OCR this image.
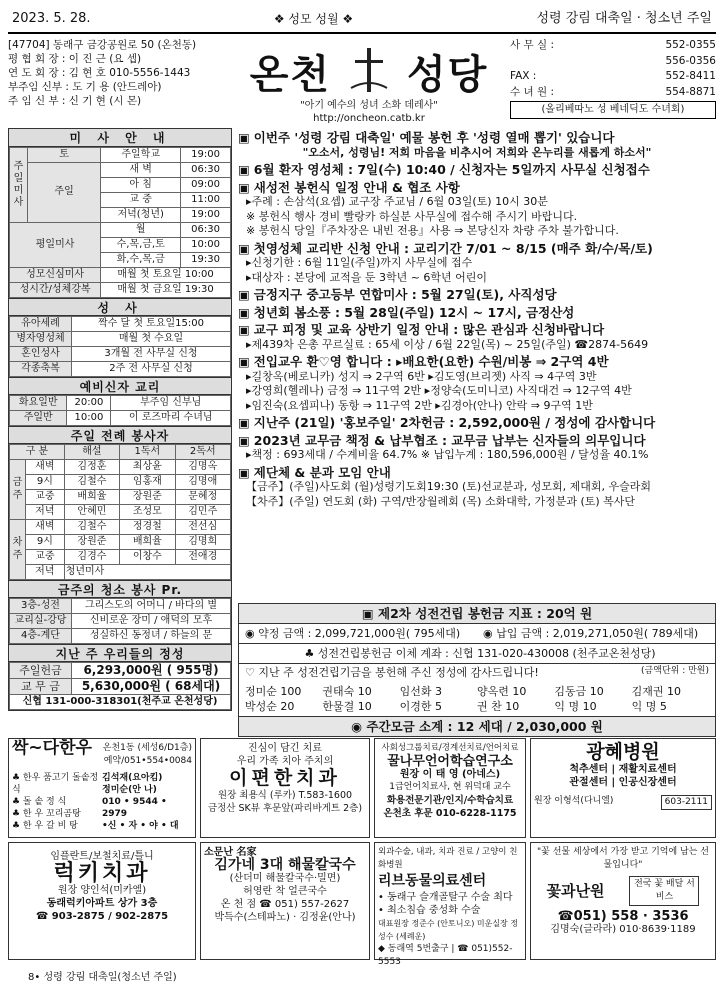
2023. 5. 28.	❖ 성모 성월 ❖	성령 강림 대축일 · 청소년 주일
[47704] 동래구 금강공원로 50 (온천동)
평 협 회 장 : 이 진 근 (요 셉)
연 도 회 장 : 김 현 호 010-5556-1443
부주임 신부 : 도 기 용 (안드레아)
주 임 신 부 : 신 기 현 (시 몬)
온천 성당
"아기 예수의 성녀 소화 데레사"
http://oncheon.catb.kr
사 무 실 :	552-0355
556-0356
FAX :	552-8411
수 녀 원 :	554-8871
(올리베따노 성 베네딕도 수녀회)
미 사 안 내
주일미사	토	주일학교	19:00
	주일	새 벽	06:30
		아 침	09:00
		교 중	11:00
		저녁(청년)	19:00
평일미사		월	06:30
		수,목,금,토	10:00
		화,수,목,금	19:30
성모신심미사		매월 첫 토요일 10:00	
성시간/성체강복		매월 첫 금요일 19:30	
성 사
유아세례	짝수 달 첫 토요일15:00
병자영성체	매월 첫 수요일
혼인성사	3개월 전 사무실 신청
각종축복	2주 전 사무실 신청
예비신자 교리
화요일반	20:00	부주임 신부님
주일반	10:00	이 로즈마리 수녀님
주일 전례 봉사자
구 분		해설	1독서	2독서
금주	새벽	김정훈	최상윤	김명옥
	9시	김철수	임홍재	김명애
	교중	배희율	장원준	문혜정
	저녁	안혜민	조성모	김민주
차주	새벽	김철수	정경철	전선심
	9시	장원준	배희율	김명희
	교중	김경수	이창수	전애경
	저녁	청년미사		
금주의 청소 봉사 Pr.
3층-성전	그리스도의 어머니 / 바다의 별
교리실-강당	신비로운 장미 / 애덕의 모후
4층-계단	성실하신 동정녀 / 하늘의 문
지난 주 우리들의 정성
주일헌금	6,293,000원 ( 955명)
교 무 금	5,630,000원 ( 68세대)
신협 131-000-318301(천주교 온천성당)	
▣ 이번주 '성령 강림 대축일' 예물 봉헌 후 '성령 열매 뽑기' 있습니다
"오소서, 성령님! 저희 마음을 비추시어 저희와 온누리를 새롭게 하소서"
▣ 6월 환자 영성체 : 7일(수) 10:40 / 신청자는 5일까지 사무실 신청접수
▣ 새성전 봉헌식 일정 안내 & 협조 사항
▸주례 : 손삼석(요셉) 교구장 주교님 / 6월 03일(토) 10시 30분
※ 봉헌식 행사 경비 빨랑카 하실분 사무실에 접수해 주시기 바랍니다.
※ 봉헌식 당일『주차장은 내빈 전용』사용 ⇒ 본당신자 차량 주차 불가합니다.
▣ 첫영성체 교리반 신청 안내 : 교리기간 7/01 ~ 8/15 (매주 화/수/목/토)
▸신청기한 : 6월 11일(주일)까지 사무실에 접수
▸대상자 : 본당에 교적을 둔 3학년 ~ 6학년 어린이
▣ 금정지구 중고등부 연합미사 : 5월 27일(토), 사직성당
▣ 청년회 봄소풍 : 5월 28일(주일) 12시 ~ 17시, 금정산성
▣ 교구 피정 및 교육 상반기 일정 안내 : 많은 관심과 신청바랍니다
▸제439차 은총 꾸르실료 : 65세 이상 / 6월 22일(목) ~ 25일(주일) ☎2874-5649
▣ 전입교우 환♡영 합니다 : ▸배요한(요한) 수원/비봉 ⇒ 2구역 4반
▸길창옥(베로니카) 성지 ⇒ 2구역 6반 ▸김도영(브리젯) 사직 ⇒ 4구역 3반
▸강영희(헬레나) 금정 ⇒ 11구역 2반 ▸정양숙(도미니코) 사직대건 ⇒ 12구역 4반
▸임진숙(요셉피나) 동항 ⇒ 11구역 2반 ▸김경아(안나) 안락 ⇒ 9구역 1반
▣ 지난주 (21일) '홍보주일' 2차헌금 : 2,592,000원 / 정성에 감사합니다
▣ 2023년 교무금 책정 & 납부협조 : 교무금 납부는 신자들의 의무입니다
▸책정 : 693세대 / 수계비율 64.7% ※ 납입누계 : 180,596,000원 / 달성율 40.1%
▣ 제단체 & 분과 모임 안내
【금주】(주일)사도회 (월)성령기도회19:30 (토)선교분과, 성모회, 제대회, 우슬라회
【차주】(주일) 연도회 (화) 구역/반장월례회 (목) 소화대학, 가정분과 (토) 복사단
▣ 제2차 성전건립 봉헌금 지표 : 20억 원
◉ 약정 금액 : 2,099,721,000원( 795세대)	◉ 납입 금액 : 2,019,271,050원( 789세대)
♣ 성전건립봉헌금 이체 계좌 : 신협 131-020-430008 (천주교온천성당)
♡ 지난 주 성전건립기금을 봉헌해 주신 정성에 감사드립니다!	(금액단위 : 만원)
정미순 100	권태숙 10	임선화 3	양옥련 10	김동금 10	김재권 10
박성순 20	한물결 10	이경한 5	권 찬 10	익 명 10	익 명 5
◉ 주간모금 소계 : 12 세대 / 2,030,000 원
싹~다한우 온천1동 (세성6/D1층)
예약/051•554•0084
♣ 한우 품고기 돌솥정식
♣ 돌 솥 정 식
♣ 한 우 꼬리곰탕
♣ 한 우 갈 비 탕
김석재(요아킴)
정미순(안 나)
010 • 9544 • 2979
•신 • 자 • 야 • 대
진심이 담긴 치료
우리 가족 치아 주치의
이편한치과
원장 최용식 (루카) T.583-1600
금정산 SK뷰 후문앞(파리바게트 2층)
사회성그룹치료/경계선치료/언어치료
꿀나무언어학습연구소
원장 이 태 영 (아네스)
1급언어치료사, 현 위덕대 교수
화용전문기관/인지/수학습치료
온천초 후문 010-6228-1175
광혜병원
척추센터 | 재활치료센터
관절센터 | 인공신장센터
원장 이형석(다니엘)	603-2111
임플란트/보철치료/틀니
럭키치과
원장 양인석(미카엘)
동래럭키아파트 상가 3층
☎ 903-2875 / 902-2875
소문난 名家
김가네 3대 해물칼국수
(산더미 해물칼국수·밀면)
허영란 착 얼큰국수
온 천 점 ☎ 051) 557-2627
박득수(스테파노) · 김정윤(안나)
외과수술, 내과, 치과 진료 / 고양이 친화병원
리브동물의료센터
• 동래구 슬개골탈구 수술 최다
• 최소침습 중성화 수술
대표원장 정준수 (안토니오) 미운실장 정성수 (세례운)
◆ 동래역 5번출구 | ☎ 051)552-5553
"꽃 선물 세상에서 가장 받고 기억에 남는 선물입니다"
꽃과난원	전국 꽃 배달 서비스
☎051) 558 · 3536
김명숙(글라라) 010·8639·1189
8• 성령 강림 대축일(청소년 주일)
